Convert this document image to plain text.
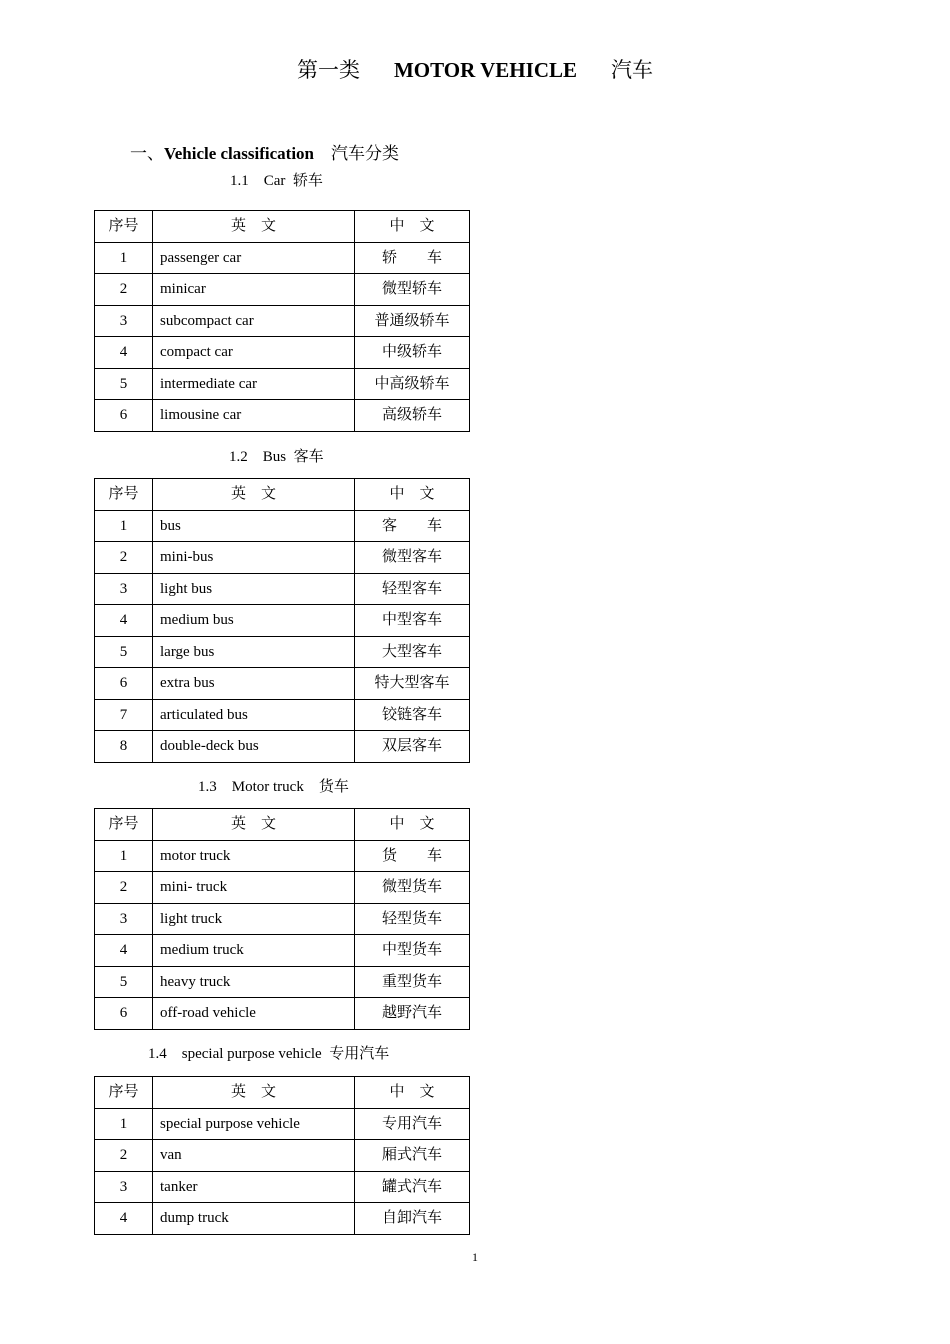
第一类 MOTOR VEHICLE 汽车
一、Vehicle classification 汽车分类
1.1　Car  轿车
序号	英　文	中　文
1	passenger car	轿　　车
2	minicar	微型轿车
3	subcompact car	普通级轿车
4	compact car	中级轿车
5	intermediate car	中高级轿车
6	limousine car	高级轿车
1.2　Bus  客车
序号	英　文	中　文
1	bus	客　　车
2	mini-bus	微型客车
3	light bus	轻型客车
4	medium bus	中型客车
5	large bus	大型客车
6	extra bus	特大型客车
7	articulated bus	铰链客车
8	double-deck bus	双层客车
1.3　Motor truck　货车
序号	英　文	中　文
1	motor truck	货　　车
2	mini- truck	微型货车
3	light truck	轻型货车
4	medium truck	中型货车
5	heavy truck	重型货车
6	off-road vehicle	越野汽车
1.4　special purpose vehicle  专用汽车
序号	英　文	中　文
1	special purpose vehicle	专用汽车
2	van	厢式汽车
3	tanker	罐式汽车
4	dump truck	自卸汽车
1
